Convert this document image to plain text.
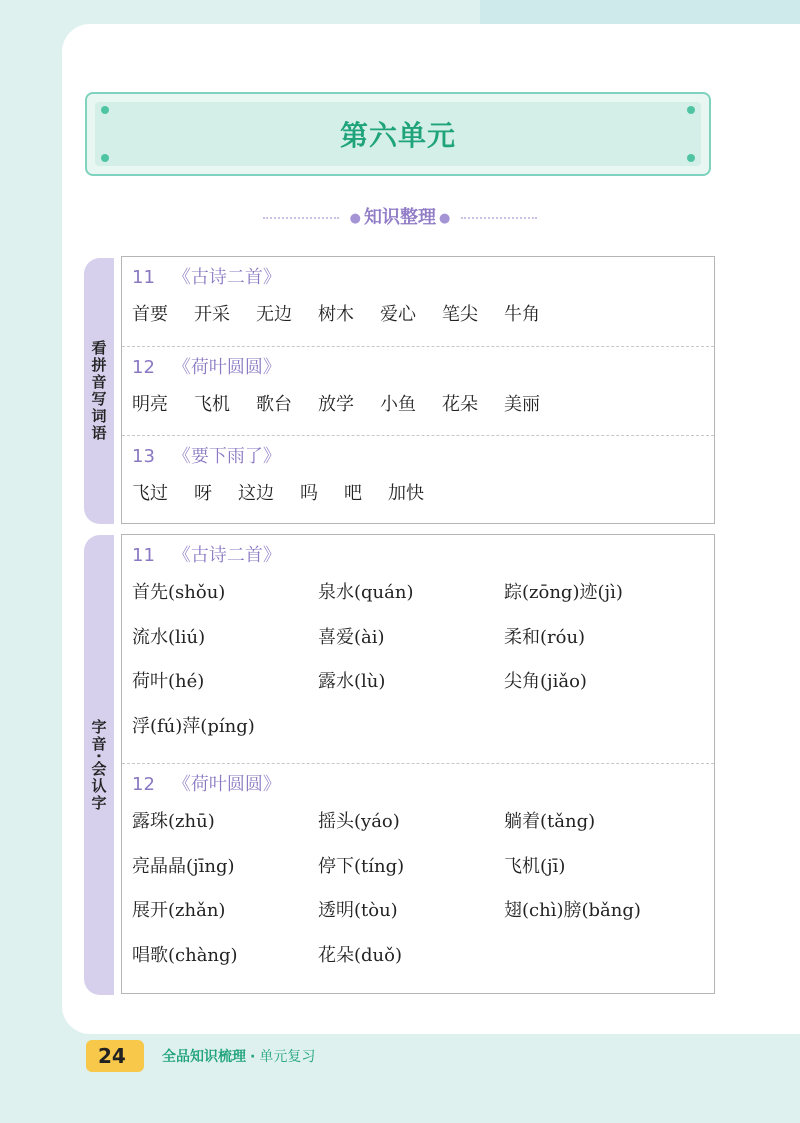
第六单元
● 知识整理 ●
看拼音写词语
11 《古诗二首》
首要 开采 无边 树木 爱心 笔尖 牛角
12 《荷叶圆圆》
明亮 飞机 歌台 放学 小鱼 花朵 美丽
13 《要下雨了》
飞过 呀 这边 吗 吧 加快
字音·会认字
11 《古诗二首》
首先(shǒu)	泉水(quán)	踪(zōng)迹(jì)
流水(liú)	喜爱(ài)	柔和(róu)
荷叶(hé)	露水(lù)	尖角(jiǎo)
浮(fú)萍(píng)
12 《荷叶圆圆》
露珠(zhū)	摇头(yáo)	躺着(tǎng)
亮晶晶(jīng)	停下(tíng)	飞机(jī)
展开(zhǎn)	透明(tòu)	翅(chì)膀(bǎng)
唱歌(chàng)	花朵(duǒ)
24	全品知识梳理 · 单元复习
